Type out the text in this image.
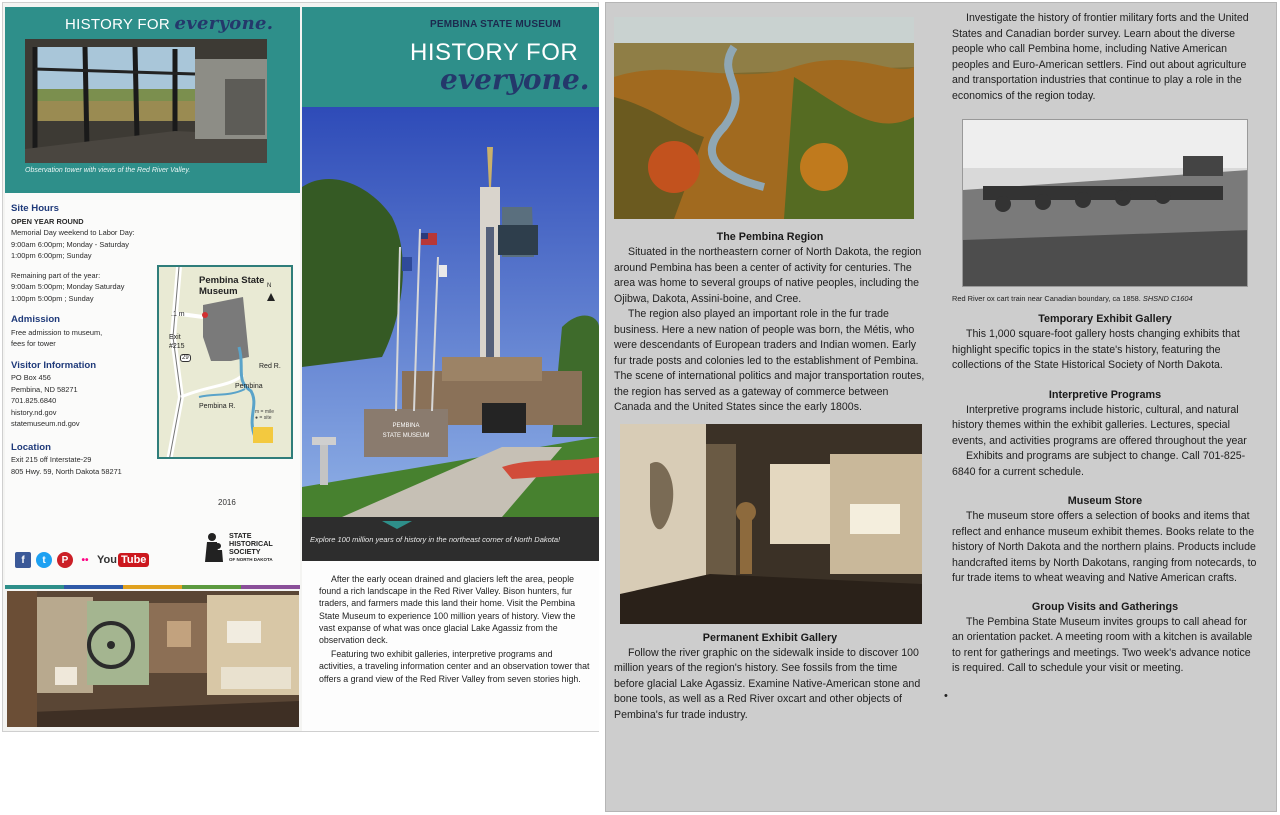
HISTORY FOR everyone.
Observation tower with views of the Red River Valley.
Site Hours
OPEN YEAR ROUND
Memorial Day weekend to Labor Day:
9:00am 6:00pm; Monday - Saturday
1:00pm 6:00pm; Sunday
Remaining part of the year:
9:00am 5:00pm; Monday Saturday
1:00pm 5:00pm ; Sunday
Admission
Free admission to museum, fees for tower
Visitor Information
PO Box 456
Pembina, ND 58271
701.825.6840
history.nd.gov
statemuseum.nd.gov
Location
Exit 215 off Interstate-29
805 Hwy. 59, North Dakota 58271
Pembina State Museum
.1 m
Exit #215
Red R.
Pembina
Pembina R.
29
N
m = mile
● = site
2016
f	t	P	•• You Tube
STATE
HISTORICAL
SOCIETY
OF NORTH DAKOTA
PEMBINA STATE MUSEUM
HISTORY FOR
everyone.
PEMBINA
STATE MUSEUM
Explore 100 million years of history in the northeast corner of North Dakota!

After the early ocean drained and glaciers left the area, people found a rich landscape in the Red River Valley. Bison hunters, fur traders, and farmers made this land their home. Visit the Pembina State Museum to experience 100 million years of history. View the vast expanse of what was once glacial Lake Agassiz from the observation deck.

Featuring two exhibit galleries, interpretive programs and activities, a traveling information center and an observation tower that offers a grand view of the Red River Valley from seven stories high.

The Pembina Region

Situated in the northeastern corner of North Dakota, the region around Pembina has been a center of activity for centuries. The area was home to several groups of native peoples, including the Ojibwa, Dakota, Assini-boine, and Cree.

The region also played an important role in the fur trade business. Here a new nation of people was born, the Métis, who were descendants of European traders and Indian women. Early fur trade posts and colonies led to the establishment of Pembina. The scene of international politics and major transportation routes, the region has served as a gateway of commerce between Canada and the United States since the early 1800s.

Permanent Exhibit Gallery

Follow the river graphic on the sidewalk inside to discover 100 million years of the region's history. See fossils from the time before glacial Lake Agassiz. Examine Native-American stone and bone tools, as well as a Red River oxcart and other objects of Pembina's fur trade industry.

Investigate the history of frontier military forts and the United States and Canadian border survey. Learn about the diverse people who call Pembina home, including Native American peoples and Euro-American settlers. Find out about agriculture and transportation industries that continue to play a role in the economics of the region today.

Red River ox cart train near Canadian boundary, ca 1858. SHSND C1604
Temporary Exhibit Gallery

This 1,000 square-foot gallery hosts changing exhibits that highlight specific topics in the state's history, featuring the collections of the State Historical Society of North Dakota.

Interpretive Programs

Interpretive programs include historic, cultural, and natural history themes within the exhibit galleries. Lectures, special events, and activities programs are offered throughout the year

Exhibits and programs are subject to change. Call 701-825-6840 for a current schedule.

Museum Store

The museum store offers a selection of books and items that reflect and enhance museum exhibit themes. Books relate to the history of North Dakota and the northern plains. Products include handcrafted items by North Dakotans, ranging from notecards, to fur trade items to wheat weaving and Native American crafts.

Group Visits and Gatherings

The Pembina State Museum invites groups to call ahead for an orientation packet. A meeting room with a kitchen is available to rent for gatherings and meetings. Two week's advance notice is required. Call to schedule your visit or meeting.

•
